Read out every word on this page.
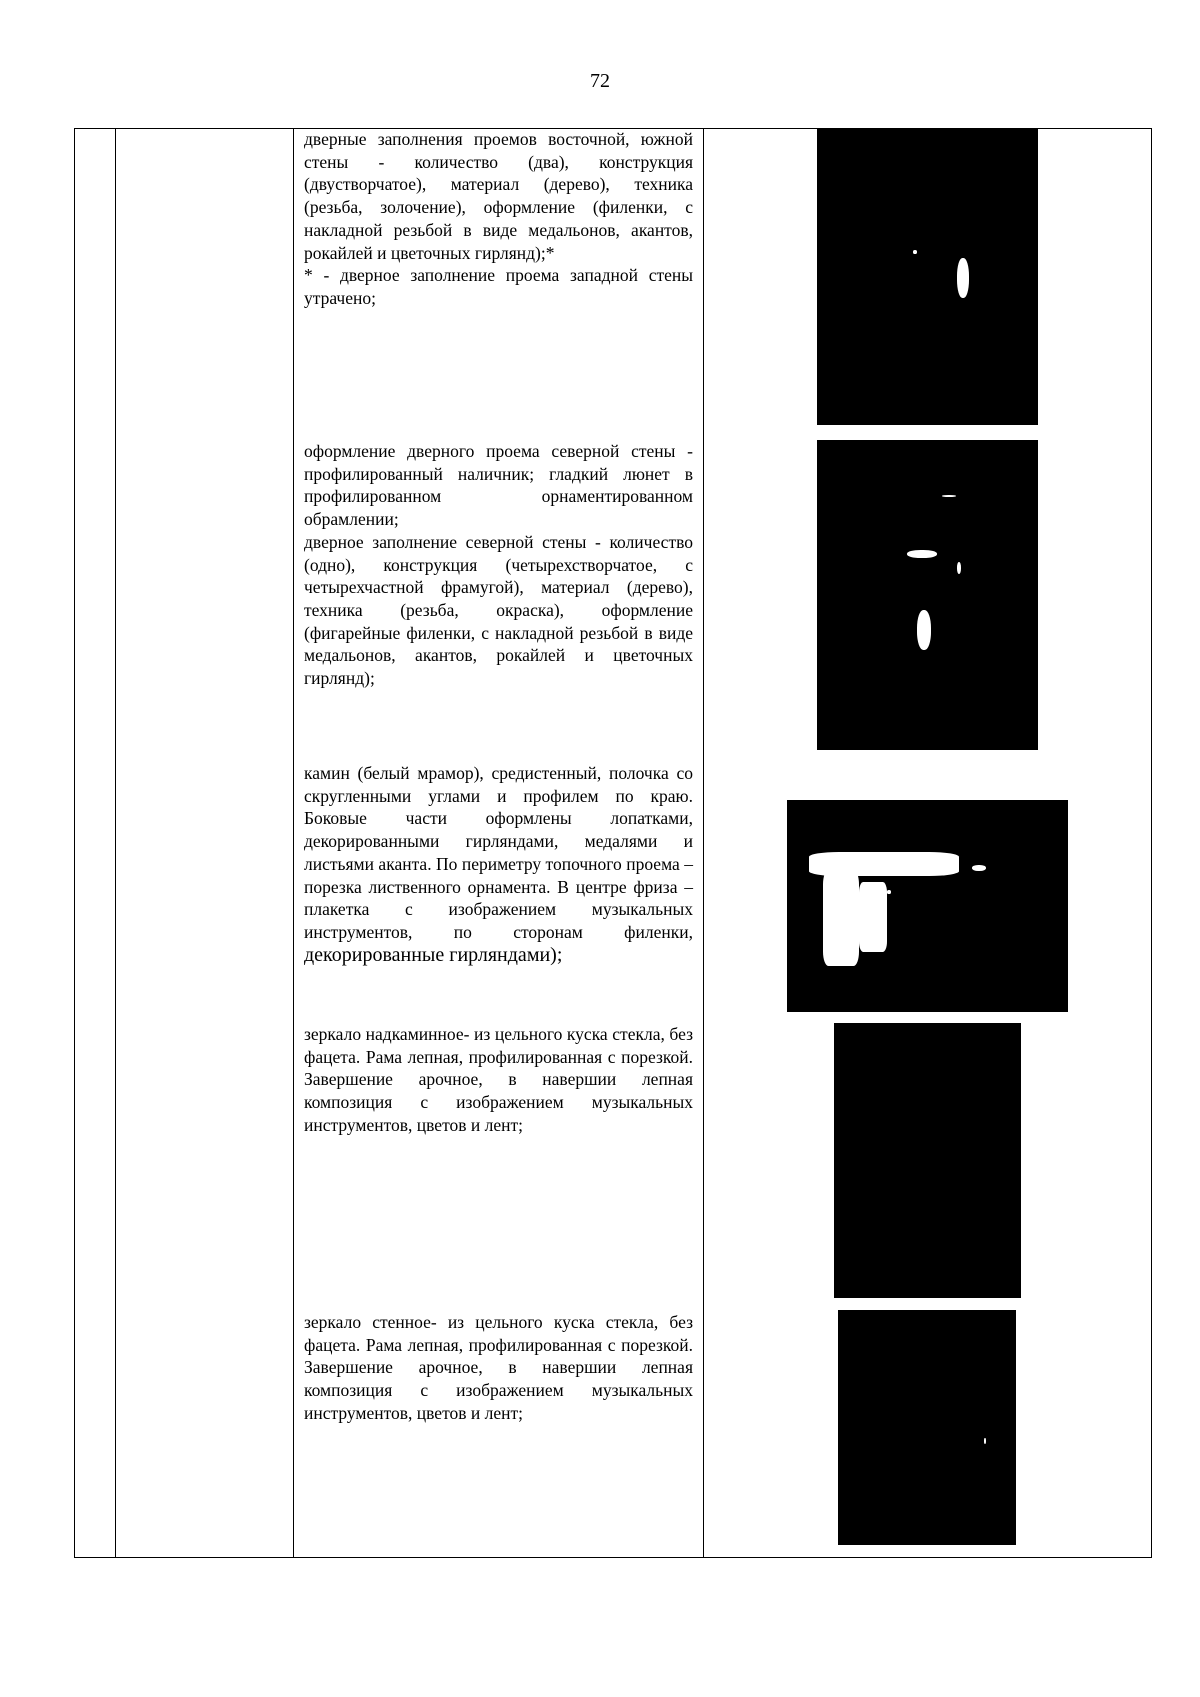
72
дверные заполнения проемов восточной, южной стены - количество (два), конструкция (двустворчатое), материал (дерево), техника (резьба, золочение), оформление (филенки, с накладной резьбой в виде медальонов, акантов, рокайлей и цветочных гирлянд);*
* - дверное заполнение проема западной стены утрачено;
оформление дверного проема северной стены - профилированный наличник; гладкий люнет в профилированном орнаментированном обрамлении;
дверное заполнение северной стены - количество (одно), конструкция (четырехстворчатое, с четырехчастной фрамугой), материал (дерево), техника (резьба, окраска), оформление (фигарейные филенки, с накладной резьбой в виде медальонов, акантов, рокайлей и цветочных гирлянд);
камин (белый мрамор), средистенный, полочка со скругленными углами и профилем по краю. Боковые части оформлены лопатками, декорированными гирляндами, медалями и листьями аканта. По периметру топочного проема – порезка лиственного орнамента. В центре фриза – плакетка с изображением музыкальных инструментов, по сторонам филенки, декорированные гирляндами);
зеркало надкаминное- из цельного куска стекла, без фацета. Рама лепная, профилированная с порезкой. Завершение арочное, в навершии лепная композиция с изображением музыкальных инструментов, цветов и лент;
зеркало стенное- из цельного куска стекла, без фацета. Рама лепная, профилированная с порезкой. Завершение арочное, в навершии лепная композиция с изображением музыкальных инструментов, цветов и лент;
